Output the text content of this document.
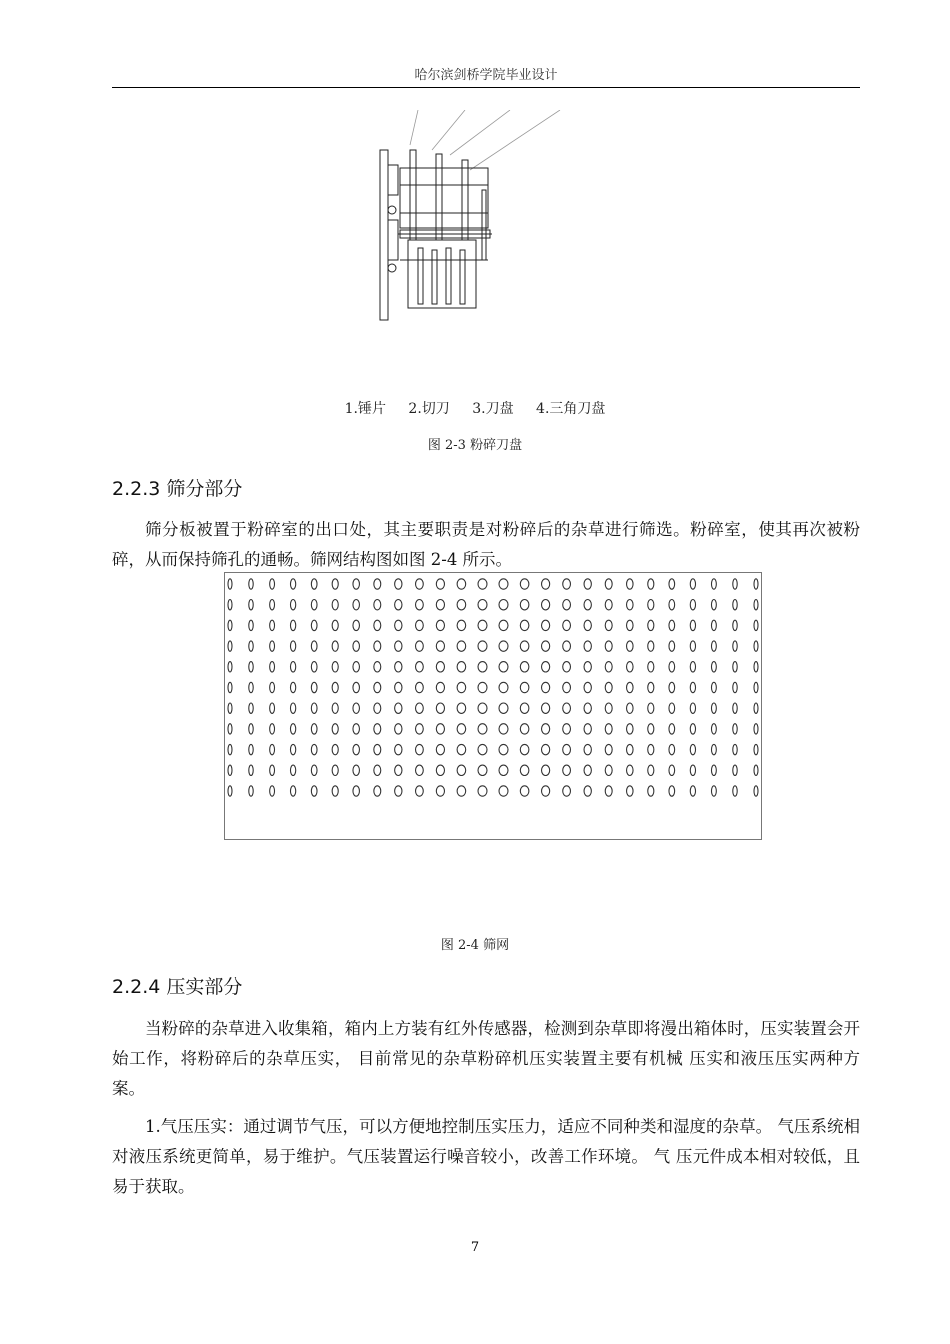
哈尔滨剑桥学院毕业设计
1.锤片 2.切刀 3.刀盘 4.三角刀盘
图 2-3 粉碎刀盘
2.2.3 筛分部分
筛分板被置于粉碎室的出口处，其主要职责是对粉碎后的杂草进行筛选。粉碎室，使其再次被粉碎，从而保持筛孔的通畅。筛网结构图如图 2-4 所示。
图 2-4 筛网
2.2.4 压实部分
当粉碎的杂草进入收集箱，箱内上方装有红外传感器，检测到杂草即将漫出箱体时，压实装置会开始工作，将粉碎后的杂草压实， 目前常见的杂草粉碎机压实装置主要有机械 压实和液压压实两种方案。
1.气压压实：通过调节气压，可以方便地控制压实压力，适应不同种类和湿度的杂草。 气压系统相对液压系统更简单，易于维护。气压装置运行噪音较小，改善工作环境。 气 压元件成本相对较低，且易于获取。
7
